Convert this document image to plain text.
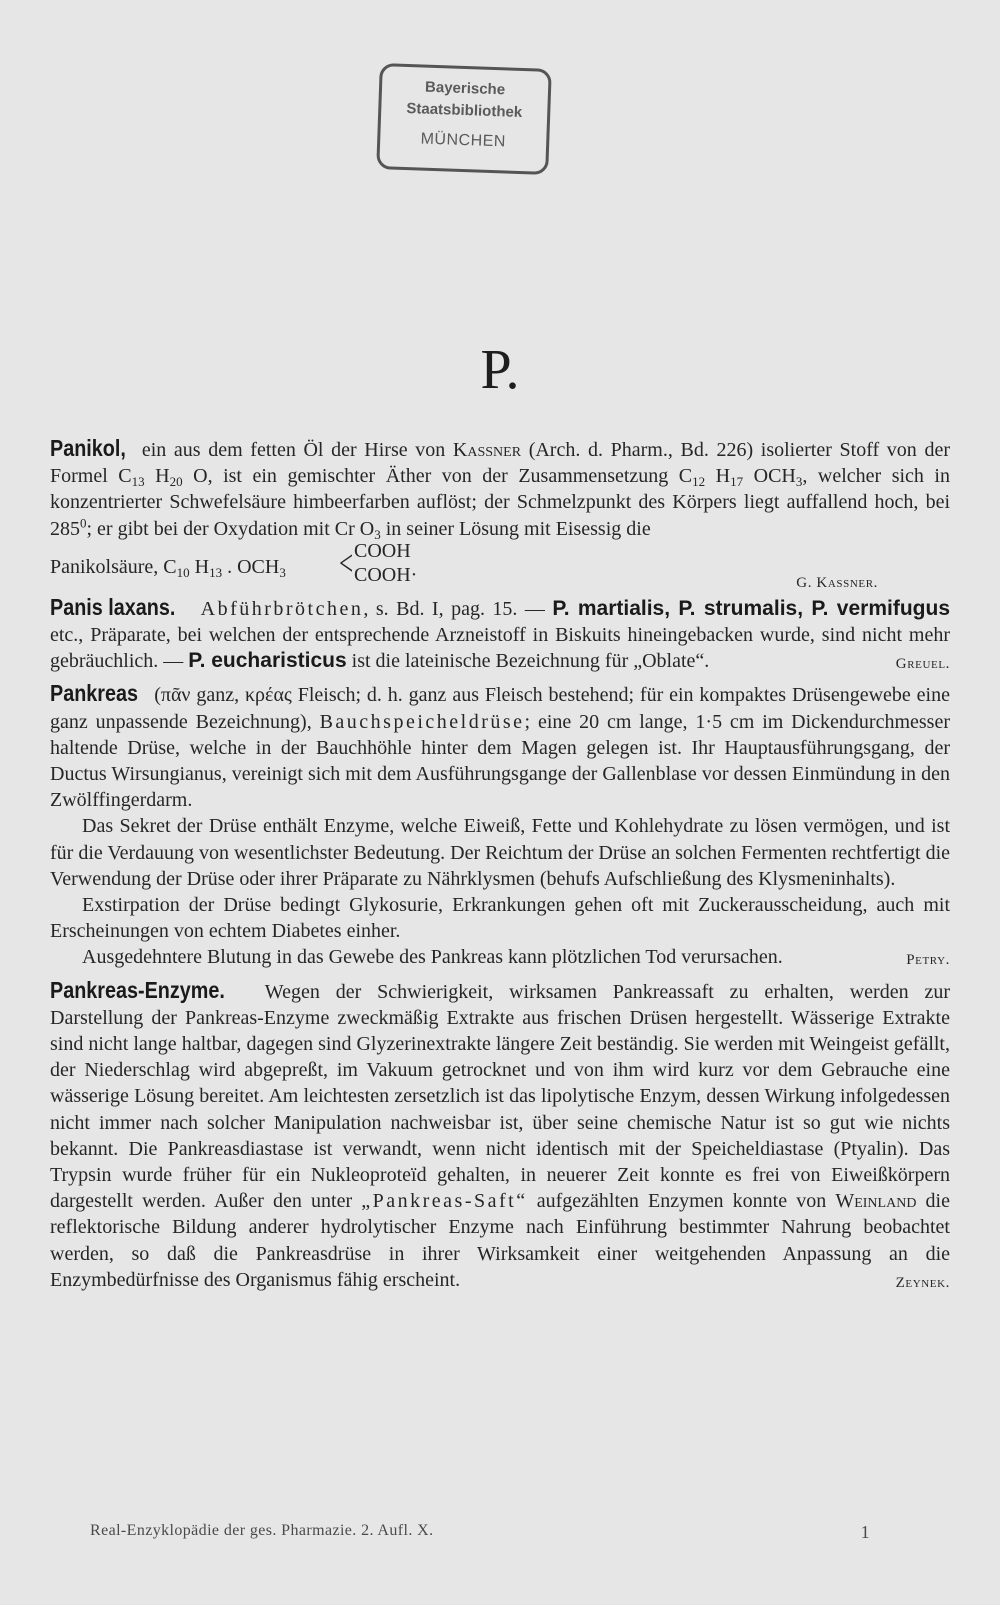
Bayerische
Staatsbibliothek
MÜNCHEN
P.

Panikol, ein aus dem fetten Öl der Hirse von Kassner (Arch. d. Pharm., Bd. 226) isolierter Stoff von der Formel $C_{13}$ $H_{20}$ O, ist ein gemischter Äther von der Zusammensetzung $C_{12}$ $H_{17}$ $OCH_3$, welcher sich in konzentrierter Schwefelsäure himbeerfarben auflöst; der Schmelzpunkt des Körpers liegt auffallend hoch, bei $285^0$; er gibt bei der Oxydation mit Cr $O_3$ in seiner Lösung mit Eisessig die

Panikolsäure, $C_{10}$ $H_{13}$ . $OCH_3$ < COOH
COOH·	G. Kassner.

Panis laxans. Abführbrötchen, s. Bd. I, pag. 15. — P. martialis, P. strumalis, P. vermifugus etc., Präparate, bei welchen der entsprechende Arzneistoff in Biskuits hineingebacken wurde, sind nicht mehr gebräuchlich. — P. eucharisticus ist die lateinische Bezeichnung für „Oblate“.	Greuel.

Pankreas (πᾶν ganz, κρέας Fleisch; d. h. ganz aus Fleisch bestehend; für ein kompaktes Drüsengewebe eine ganz unpassende Bezeichnung), Bauchspeicheldrüse; eine 20 cm lange, 1·5 cm im Dickendurchmesser haltende Drüse, welche in der Bauchhöhle hinter dem Magen gelegen ist. Ihr Hauptausführungsgang, der Ductus Wirsungianus, vereinigt sich mit dem Ausführungsgange der Gallenblase vor dessen Einmündung in den Zwölffingerdarm.

Das Sekret der Drüse enthält Enzyme, welche Eiweiß, Fette und Kohlehydrate zu lösen vermögen, und ist für die Verdauung von wesentlichster Bedeutung. Der Reichtum der Drüse an solchen Fermenten rechtfertigt die Verwendung der Drüse oder ihrer Präparate zu Nährklysmen (behufs Aufschließung des Klysmeninhalts).

Exstirpation der Drüse bedingt Glykosurie, Erkrankungen gehen oft mit Zuckerausscheidung, auch mit Erscheinungen von echtem Diabetes einher.

Ausgedehntere Blutung in das Gewebe des Pankreas kann plötzlichen Tod verursachen.	Petry.

Pankreas-Enzyme. Wegen der Schwierigkeit, wirksamen Pankreassaft zu erhalten, werden zur Darstellung der Pankreas-Enzyme zweckmäßig Extrakte aus frischen Drüsen hergestellt. Wässerige Extrakte sind nicht lange haltbar, dagegen sind Glyzerinextrakte längere Zeit beständig. Sie werden mit Weingeist gefällt, der Niederschlag wird abgepreßt, im Vakuum getrocknet und von ihm wird kurz vor dem Gebrauche eine wässerige Lösung bereitet. Am leichtesten zersetzlich ist das lipolytische Enzym, dessen Wirkung infolgedessen nicht immer nach solcher Manipulation nachweisbar ist, über seine chemische Natur ist so gut wie nichts bekannt. Die Pankreasdiastase ist verwandt, wenn nicht identisch mit der Speicheldiastase (Ptyalin). Das Trypsin wurde früher für ein Nukleoproteïd gehalten, in neuerer Zeit konnte es frei von Eiweißkörpern dargestellt werden. Außer den unter „Pankreas-Saft“ aufgezählten Enzymen konnte von Weinland die reflektorische Bildung anderer hydrolytischer Enzyme nach Einführung bestimmter Nahrung beobachtet werden, so daß die Pankreasdrüse in ihrer Wirksamkeit einer weitgehenden Anpassung an die Enzymbedürfnisse des Organismus fähig erscheint.	Zeynek.

Real-Enzyklopädie der ges. Pharmazie. 2. Aufl. X.	1
